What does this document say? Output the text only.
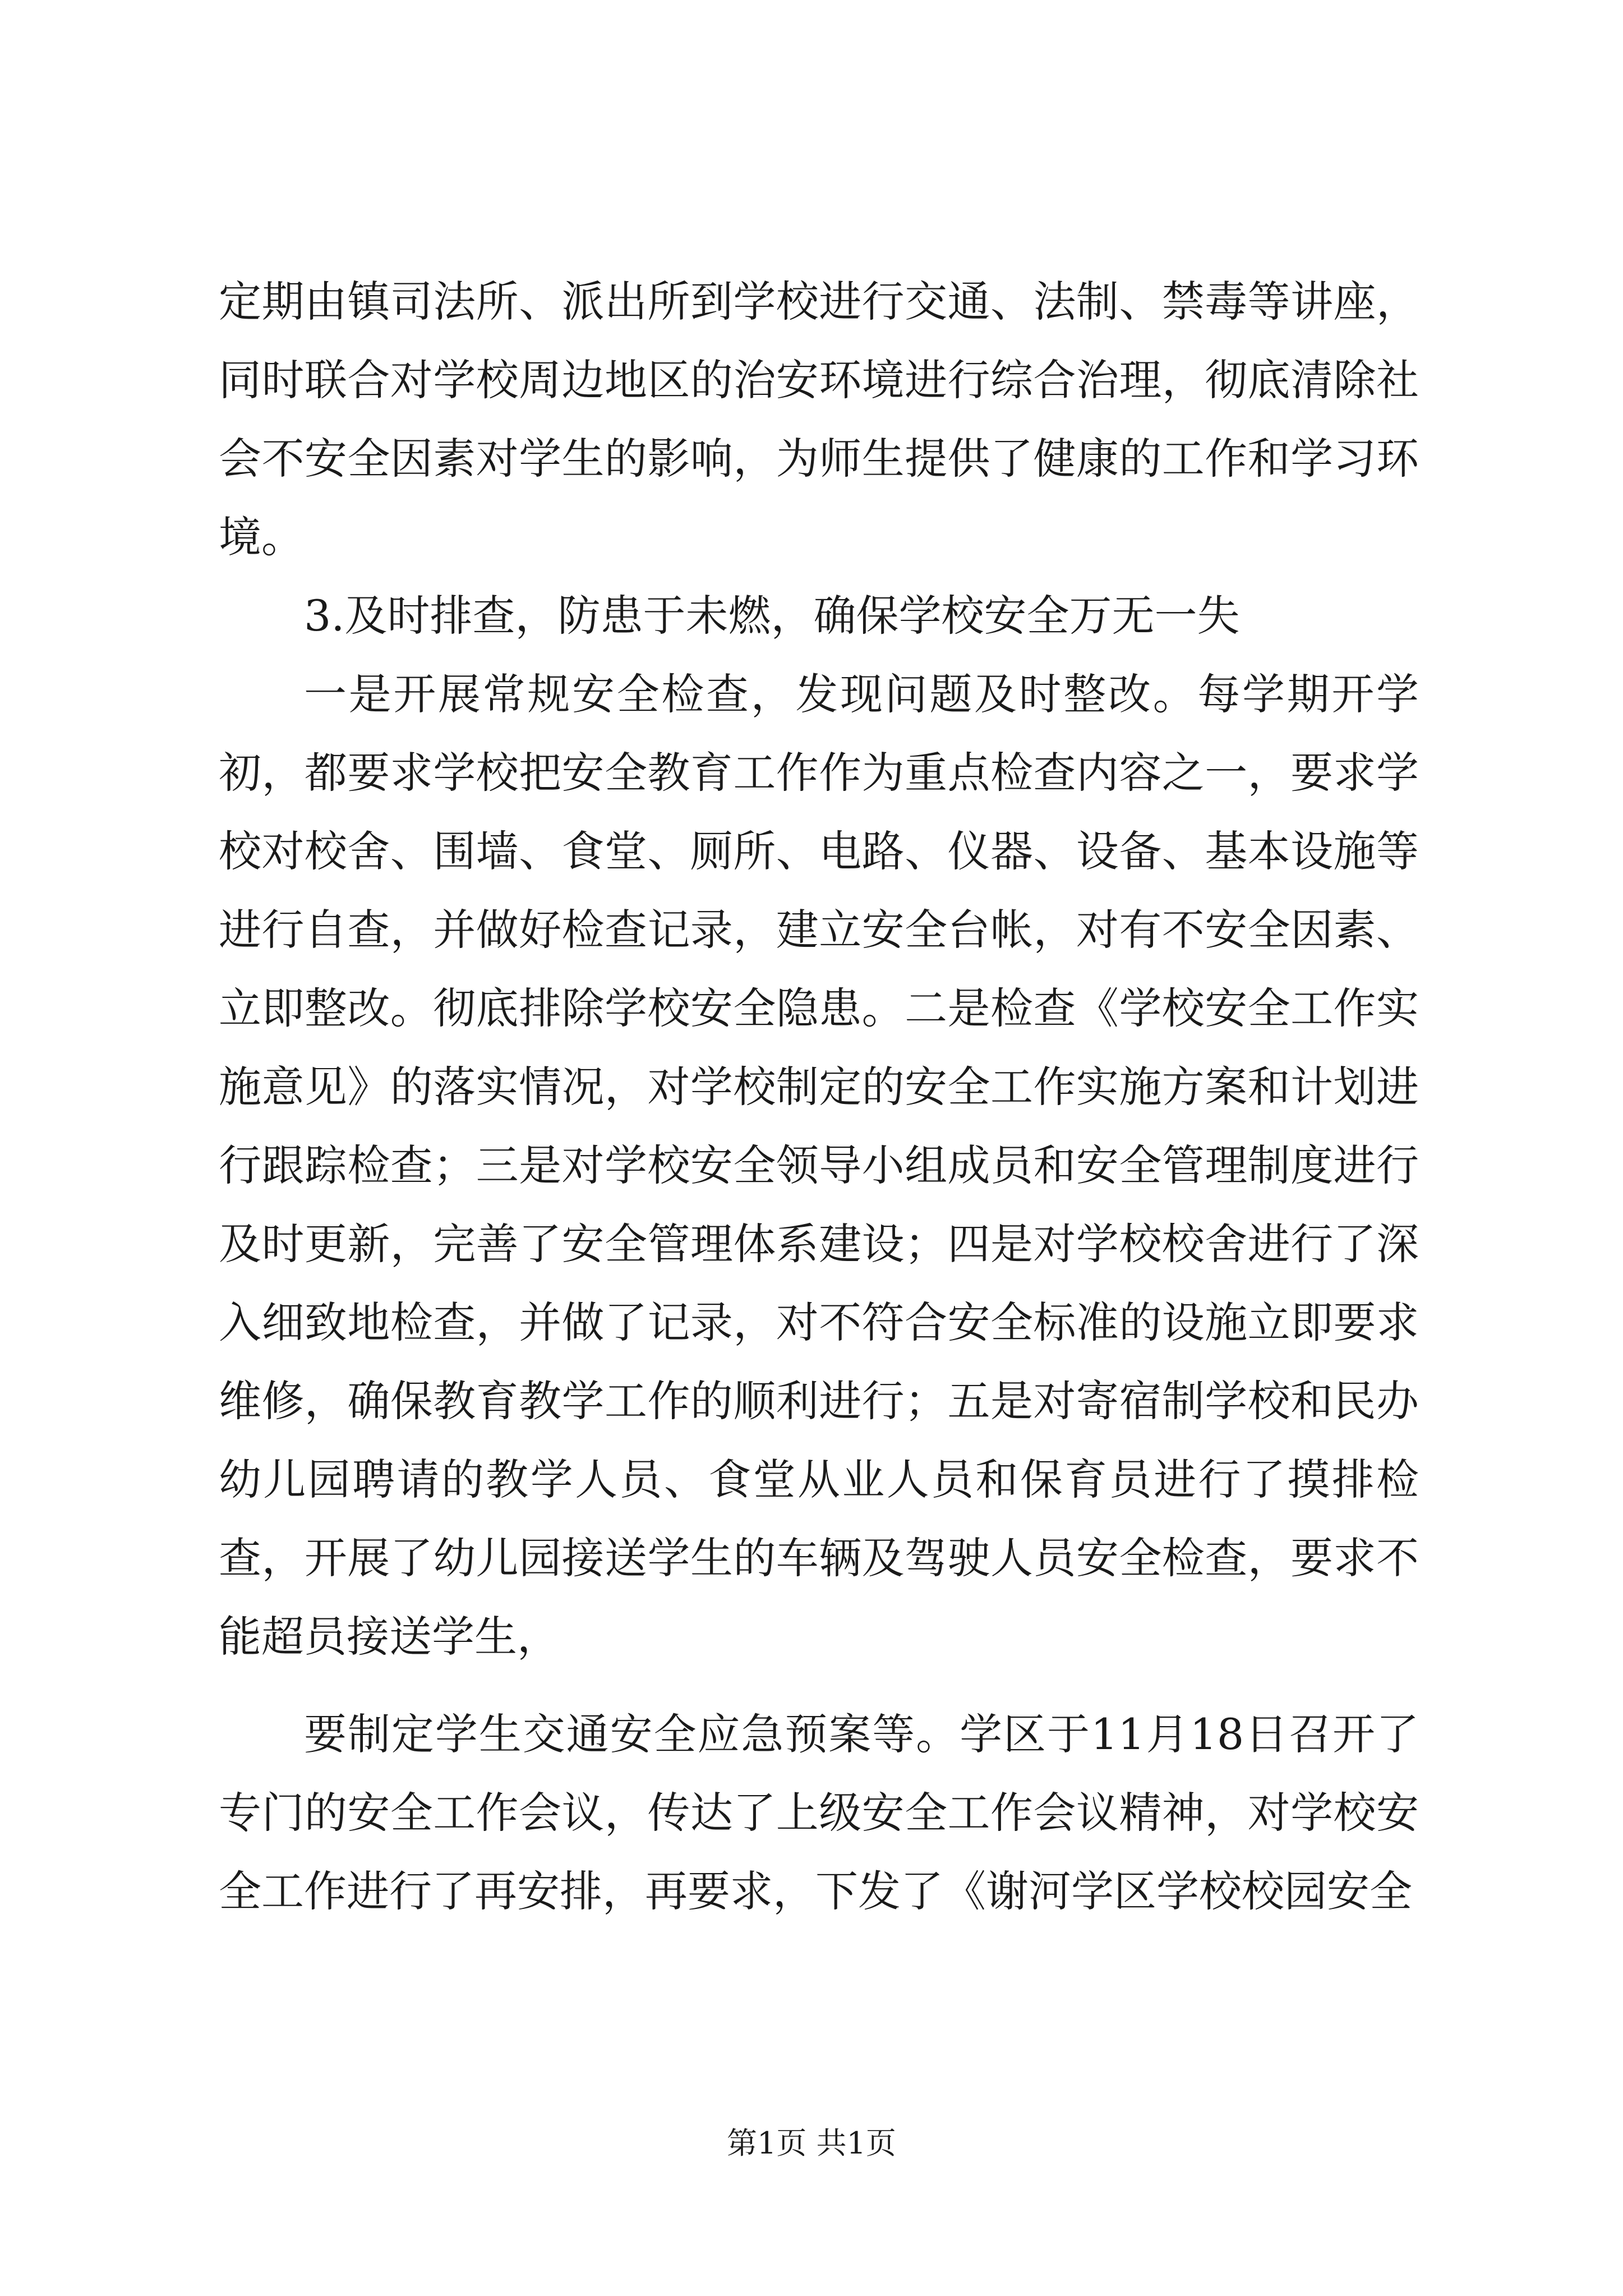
定期由镇司法所、派出所到学校进行交通、法制、禁毒等讲座，同时联合对学校周边地区的治安环境进行综合治理，彻底清除社会不安全因素对学生的影响，为师生提供了健康的工作和学习环境。

3.及时排查，防患于未燃，确保学校安全万无一失

一是开展常规安全检查，发现问题及时整改。每学期开学初，都要求学校把安全教育工作作为重点检查内容之一，要求学校对校舍、围墙、食堂、厕所、电路、仪器、设备、基本设施等进行自查，并做好检查记录，建立安全台帐，对有不安全因素、立即整改。彻底排除学校安全隐患。二是检查《学校安全工作实施意见》的落实情况，对学校制定的安全工作实施方案和计划进行跟踪检查；三是对学校安全领导小组成员和安全管理制度进行及时更新，完善了安全管理体系建设；四是对学校校舍进行了深入细致地检查，并做了记录，对不符合安全标准的设施立即要求维修，确保教育教学工作的顺利进行；五是对寄宿制学校和民办幼儿园聘请的教学人员、食堂从业人员和保育员进行了摸排检查，开展了幼儿园接送学生的车辆及驾驶人员安全检查，要求不能超员接送学生，

要制定学生交通安全应急预案等。学区于11月18日召开了专门的安全工作会议，传达了上级安全工作会议精神，对学校安全工作进行了再安排，再要求，下发了《谢河学区学校校园安全

第1页 共1页
